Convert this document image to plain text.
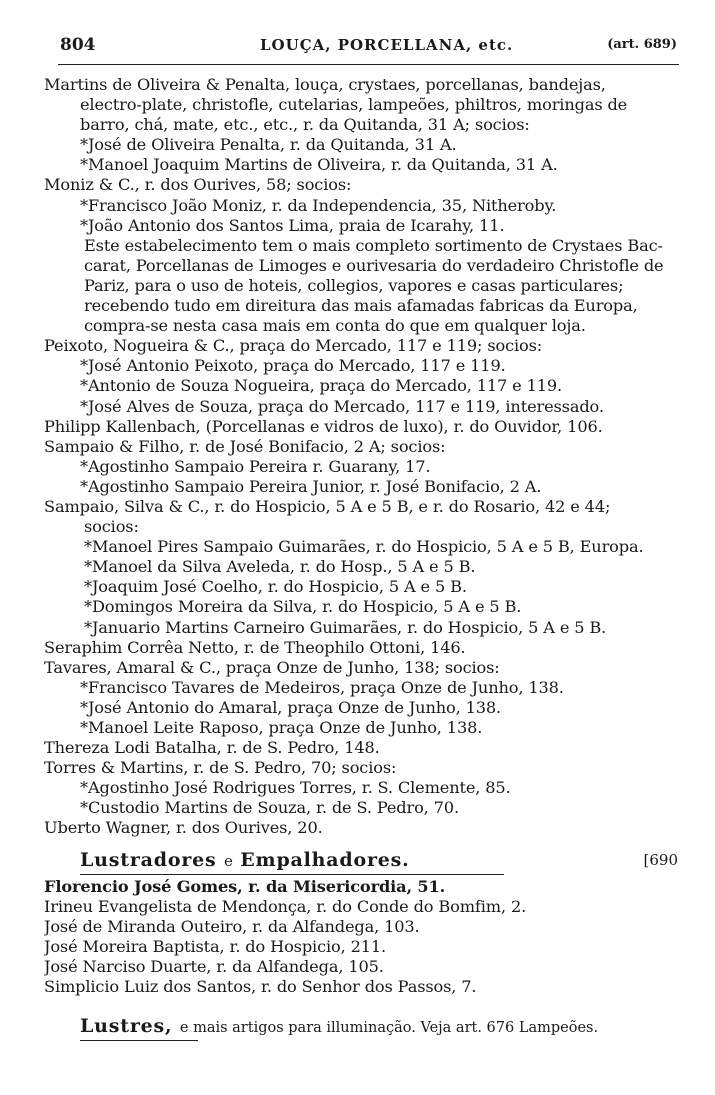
804	LOUÇA, PORCELLANA, etc.	(art. 689)
Martins de Oliveira & Penalta, louça, crystaes, porcellanas, bandejas,
electro-plate, christofle, cutelarias, lampeões, philtros, moringas de
barro, chá, mate, etc., etc., r. da Quitanda, 31 A; socios:
*José de Oliveira Penalta, r. da Quitanda, 31 A.
*Manoel Joaquim Martins de Oliveira, r. da Quitanda, 31 A.
Moniz & C., r. dos Ourives, 58; socios:
*Francisco João Moniz, r. da Independencia, 35, Nitheroby.
*João Antonio dos Santos Lima, praia de Icarahy, 11.
Este estabelecimento tem o mais completo sortimento de Crystaes Bac-
carat, Porcellanas de Limoges e ourivesaria do verdadeiro Christofle de
Pariz, para o uso de hoteis, collegios, vapores e casas particulares;
recebendo tudo em direitura das mais afamadas fabricas da Europa,
compra-se nesta casa mais em conta do que em qualquer loja.
Peixoto, Nogueira & C., praça do Mercado, 117 e 119; socios:
*José Antonio Peixoto, praça do Mercado, 117 e 119.
*Antonio de Souza Nogueira, praça do Mercado, 117 e 119.
*José Alves de Souza, praça do Mercado, 117 e 119, interessado.
Philipp Kallenbach, (Porcellanas e vidros de luxo), r. do Ouvidor, 106.
Sampaio & Filho, r. de José Bonifacio, 2 A; socios:
*Agostinho Sampaio Pereira r. Guarany, 17.
*Agostinho Sampaio Pereira Junior, r. José Bonifacio, 2 A.
Sampaio, Silva & C., r. do Hospicio, 5 A e 5 B, e r. do Rosario, 42 e 44;
socios:
*Manoel Pires Sampaio Guimarães, r. do Hospicio, 5 A e 5 B, Europa.
*Manoel da Silva Aveleda, r. do Hosp., 5 A e 5 B.
*Joaquim José Coelho, r. do Hospicio, 5 A e 5 B.
*Domingos Moreira da Silva, r. do Hospicio, 5 A e 5 B.
*Januario Martins Carneiro Guimarães, r. do Hospicio, 5 A e 5 B.
Seraphim Corrêa Netto, r. de Theophilo Ottoni, 146.
Tavares, Amaral & C., praça Onze de Junho, 138; socios:
*Francisco Tavares de Medeiros, praça Onze de Junho, 138.
*José Antonio do Amaral, praça Onze de Junho, 138.
*Manoel Leite Raposo, praça Onze de Junho, 138.
Thereza Lodi Batalha, r. de S. Pedro, 148.
Torres & Martins, r. de S. Pedro, 70; socios:
*Agostinho José Rodrigues Torres, r. S. Clemente, 85.
*Custodio Martins de Souza, r. de S. Pedro, 70.
Uberto Wagner, r. dos Ourives, 20.
Lustradores e Empalhadores.	[690
Florencio José Gomes, r. da Misericordia, 51.
Irineu Evangelista de Mendonça, r. do Conde do Bomfim, 2.
José de Miranda Outeiro, r. da Alfandega, 103.
José Moreira Baptista, r. do Hospicio, 211.
José Narciso Duarte, r. da Alfandega, 105.
Simplicio Luiz dos Santos, r. do Senhor dos Passos, 7.
Lustres, e mais artigos para illuminação. Veja art. 676 Lampeões.
